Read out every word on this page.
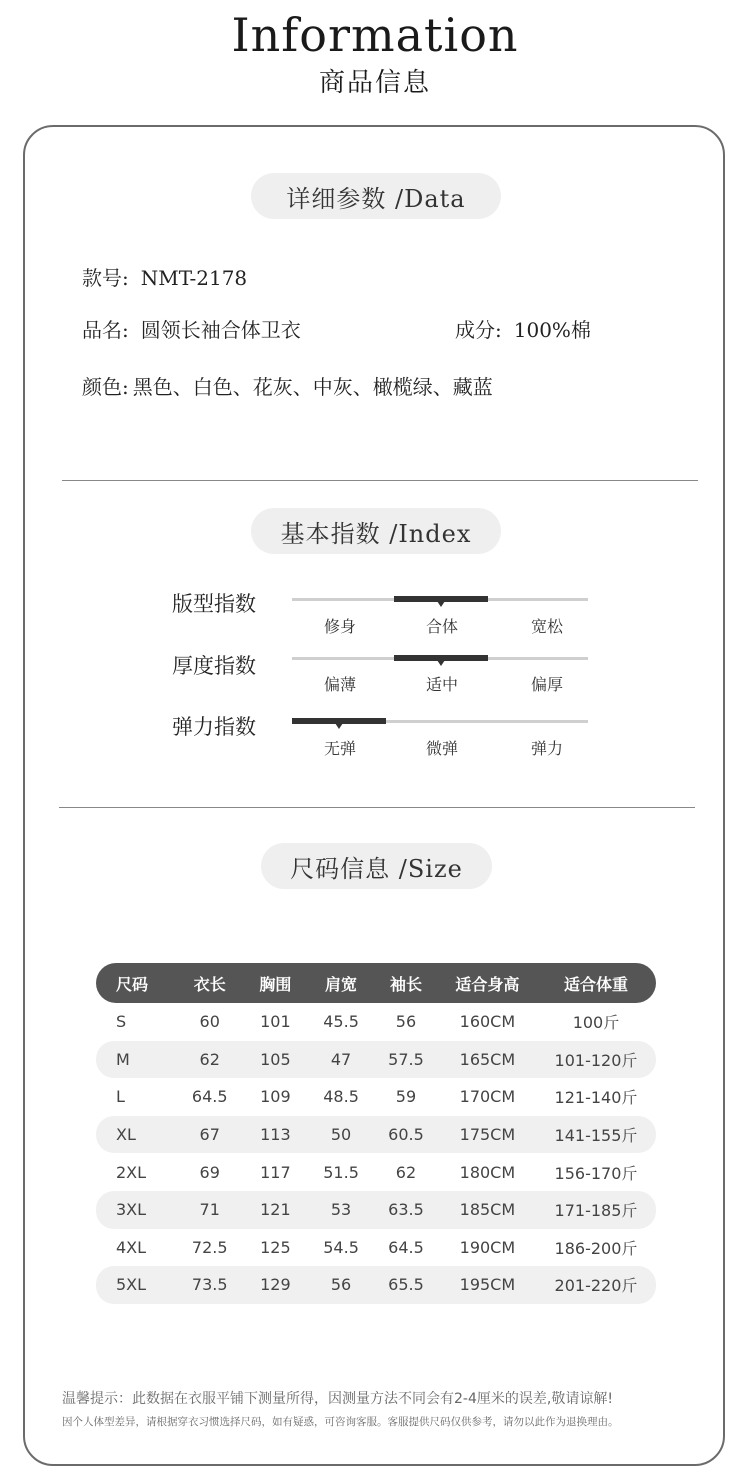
Information
商品信息
详细参数 /Data
款号: NMT-2178
品名: 圆领长袖合体卫衣	成分: 100%棉
颜色: 黑色、白色、花灰、中灰、橄榄绿、藏蓝
基本指数 /Index
版型指数
修身	合体	宽松
厚度指数
偏薄	适中	偏厚
弹力指数
无弹	微弹	弹力
尺码信息 /Size
尺码	衣长	胸围	肩宽	袖长	适合身高	适合体重
S	60	101	45.5	56	160CM	100斤
M	62	105	47	57.5	165CM	101-120斤
L	64.5	109	48.5	59	170CM	121-140斤
XL	67	113	50	60.5	175CM	141-155斤
2XL	69	117	51.5	62	180CM	156-170斤
3XL	71	121	53	63.5	185CM	171-185斤
4XL	72.5	125	54.5	64.5	190CM	186-200斤
5XL	73.5	129	56	65.5	195CM	201-220斤
温馨提示：此数据在衣服平铺下测量所得，因测量方法不同会有2-4厘米的误差,敬请谅解!
因个人体型差异，请根据穿衣习惯选择尺码，如有疑惑，可咨询客服。客服提供尺码仅供参考，请勿以此作为退换理由。
